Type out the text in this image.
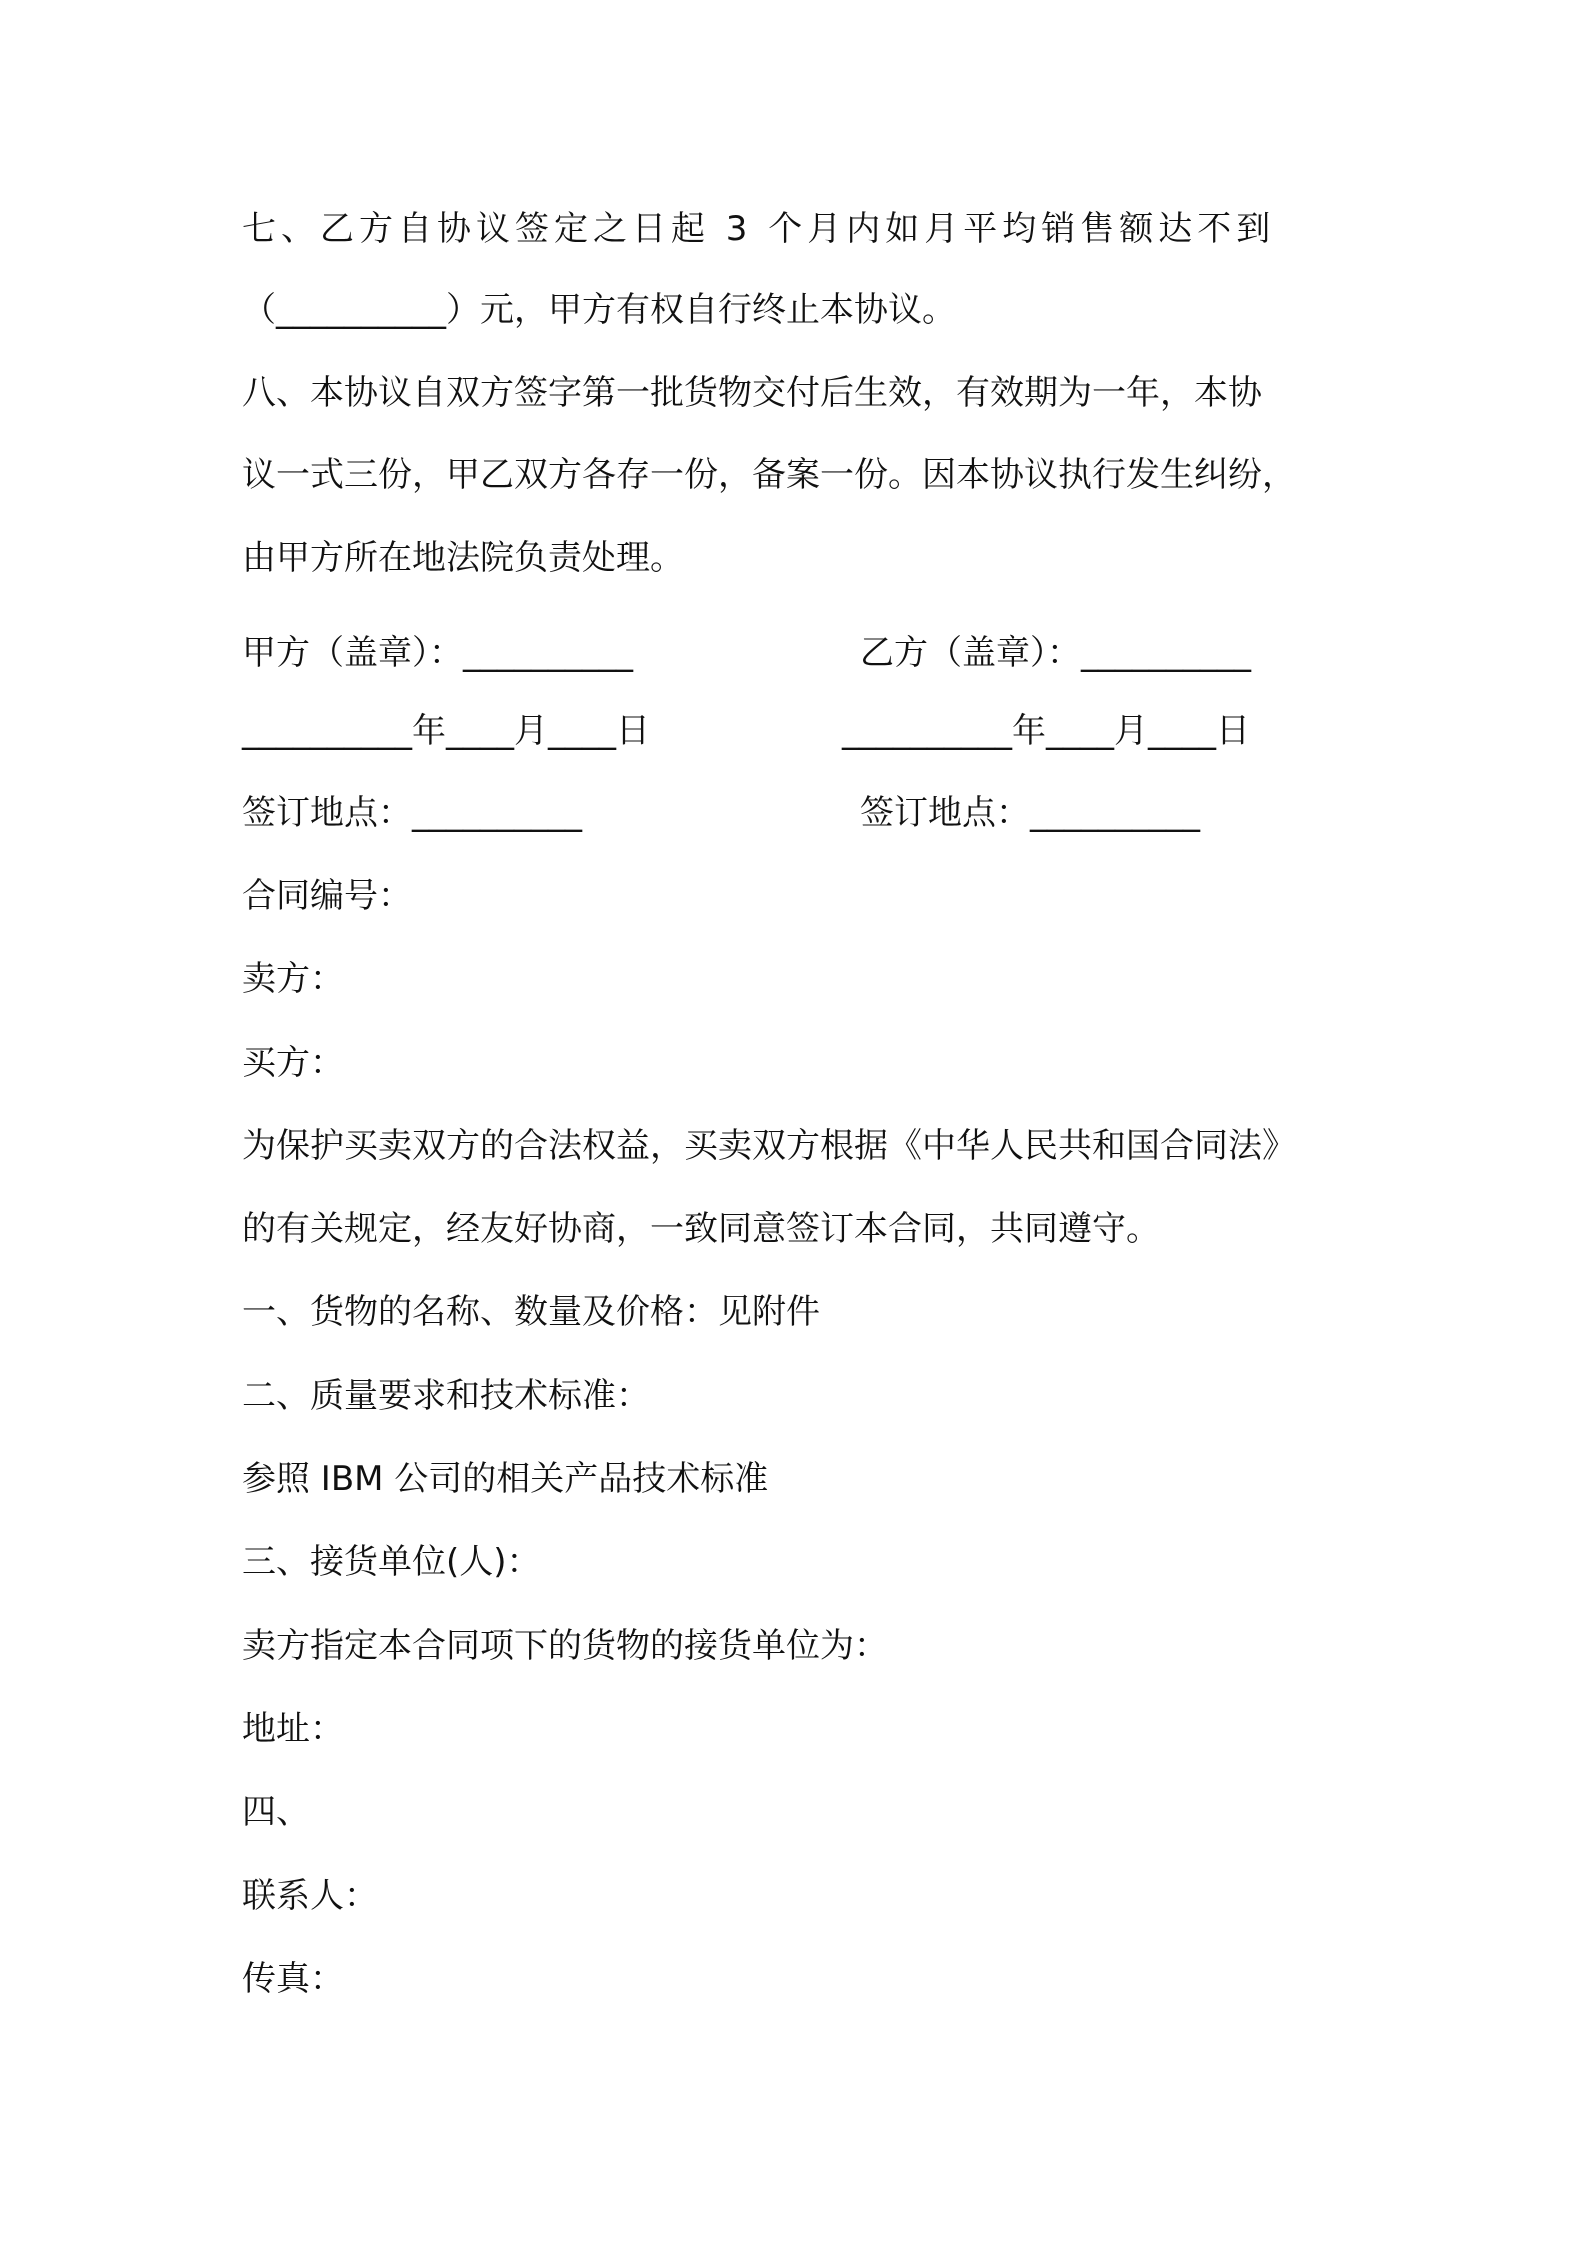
七、乙方自协议签定之日起 3 个月内如月平均销售额达不到
（__________）元，甲方有权自行终止本协议。
八、本协议自双方签字第一批货物交付后生效，有效期为一年，本协
议一式三份，甲乙双方各存一份，备案一份。因本协议执行发生纠纷，
由甲方所在地法院负责处理。
甲方（盖章）：__________	乙方（盖章）：__________
__________年____月____日	__________年____月____日
签订地点：__________	签订地点：__________
合同编号：
卖方：
买方：
为保护买卖双方的合法权益，买卖双方根据《中华人民共和国合同法》
的有关规定，经友好协商，一致同意签订本合同，共同遵守。
一、货物的名称、数量及价格：见附件
二、质量要求和技术标准：
参照 IBM 公司的相关产品技术标准
三、接货单位(人)：
卖方指定本合同项下的货物的接货单位为：
地址：
四、
联系人：
传真：
